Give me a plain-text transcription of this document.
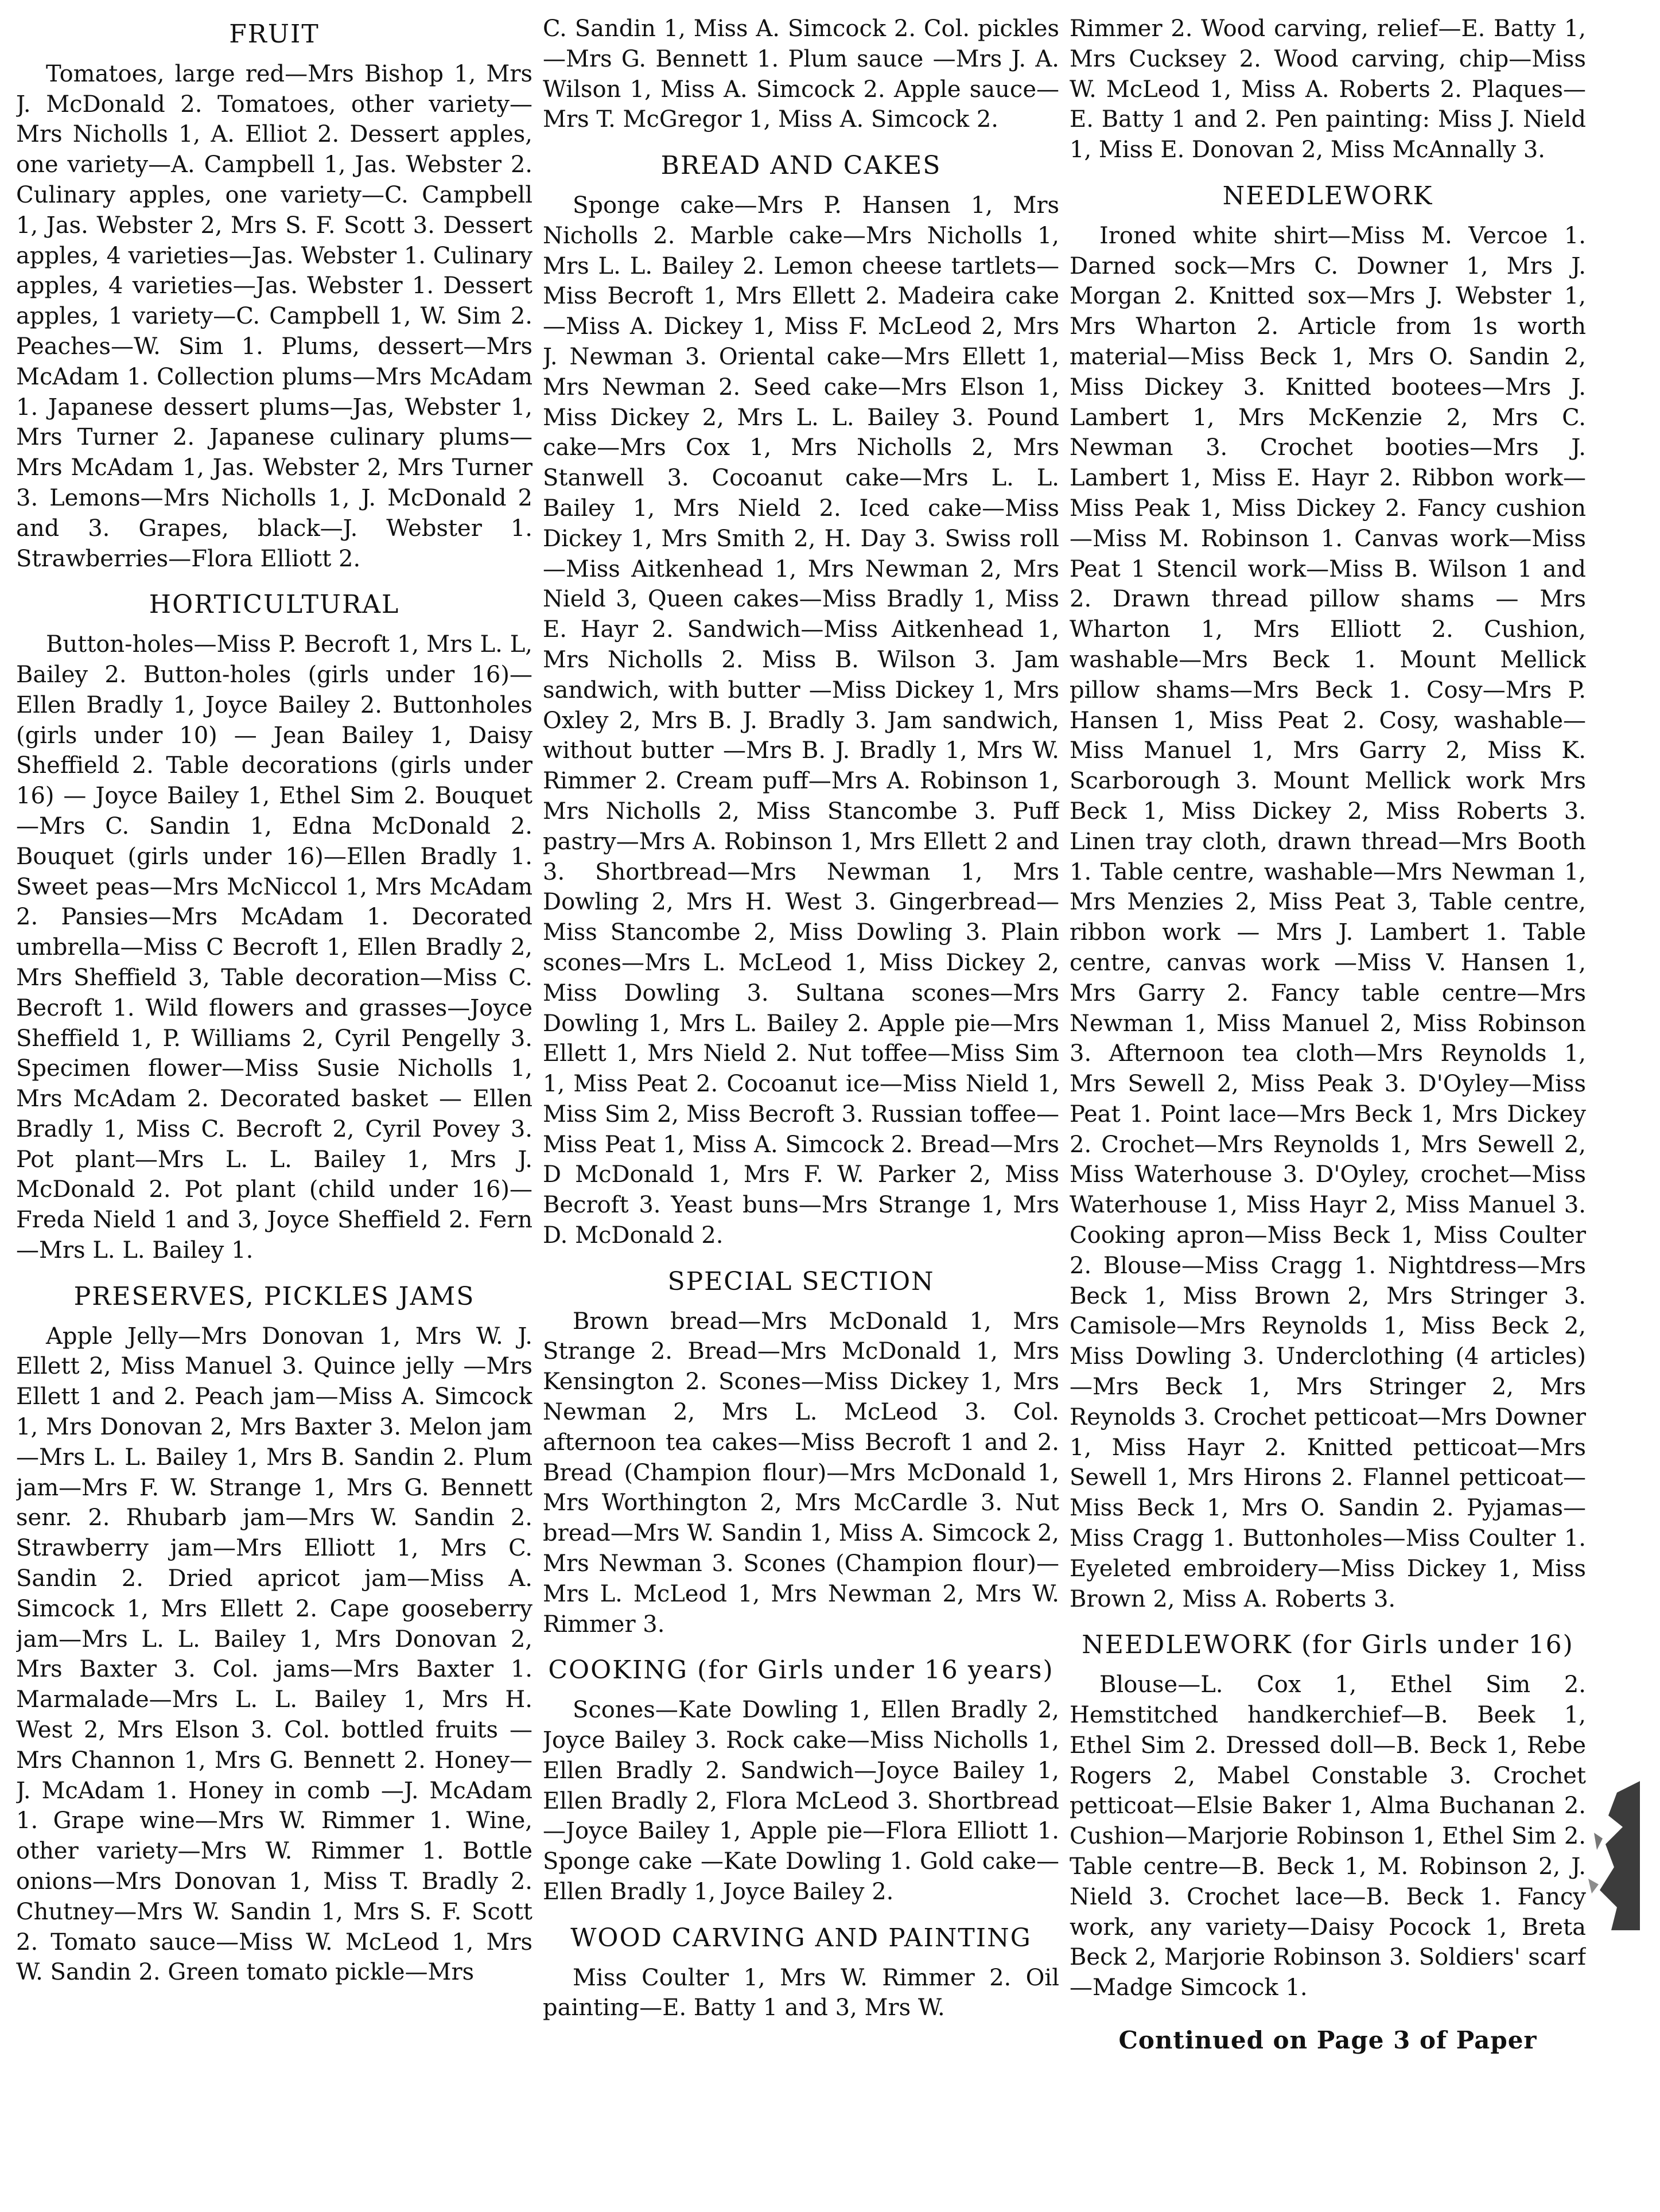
FRUIT

Tomatoes, large red—Mrs Bishop 1, Mrs J. McDonald 2. Tomatoes, other variety—Mrs Nicholls 1, A. Elliot 2. Dessert apples, one variety—A. Campbell 1, Jas. Webster 2. Culinary apples, one variety—C. Campbell 1, Jas. Webster 2, Mrs S. F. Scott 3. Dessert apples, 4 varieties—Jas. Webster 1. Culinary apples, 4 varieties—Jas. Webster 1. Dessert apples, 1 variety—C. Campbell 1, W. Sim 2. Peaches—W. Sim 1. Plums, dessert—Mrs McAdam 1. Collection plums—Mrs McAdam 1. Japanese dessert plums—Jas, Webster 1, Mrs Turner 2. Japanese culinary plums—Mrs McAdam 1, Jas. Webster 2, Mrs Turner 3. Lemons—Mrs Nicholls 1, J. McDonald 2 and 3. Grapes, black—J. Webster 1. Strawberries—Flora Elliott 2.

HORTICULTURAL

Button-holes—Miss P. Becroft 1, Mrs L. L, Bailey 2. Button-holes (girls under 16)—Ellen Bradly 1, Joyce Bailey 2. Buttonholes (girls under 10) — Jean Bailey 1, Daisy Sheffield 2. Table decorations (girls under 16) — Joyce Bailey 1, Ethel Sim 2. Bouquet—Mrs C. Sandin 1, Edna McDonald 2. Bouquet (girls under 16)—Ellen Bradly 1. Sweet peas—Mrs McNiccol 1, Mrs McAdam 2. Pansies—Mrs McAdam 1. Decorated umbrella—Miss C Becroft 1, Ellen Bradly 2, Mrs Sheffield 3, Table decoration—Miss C. Becroft 1. Wild flowers and grasses—Joyce Sheffield 1, P. Williams 2, Cyril Pengelly 3. Specimen flower—Miss Susie Nicholls 1, Mrs McAdam 2. Decorated basket — Ellen Bradly 1, Miss C. Becroft 2, Cyril Povey 3. Pot plant—Mrs L. L. Bailey 1, Mrs J. McDonald 2. Pot plant (child under 16)—Freda Nield 1 and 3, Joyce Sheffield 2. Fern—Mrs L. L. Bailey 1.

PRESERVES, PICKLES JAMS

Apple Jelly—Mrs Donovan 1, Mrs W. J. Ellett 2, Miss Manuel 3. Quince jelly —Mrs Ellett 1 and 2. Peach jam—Miss A. Simcock 1, Mrs Donovan 2, Mrs Baxter 3. Melon jam—Mrs L. L. Bailey 1, Mrs B. Sandin 2. Plum jam—Mrs F. W. Strange 1, Mrs G. Bennett senr. 2. Rhubarb jam—Mrs W. Sandin 2. Strawberry jam—Mrs Elliott 1, Mrs C. Sandin 2. Dried apricot jam—Miss A. Simcock 1, Mrs Ellett 2. Cape gooseberry jam—Mrs L. L. Bailey 1, Mrs Donovan 2, Mrs Baxter 3. Col. jams—Mrs Baxter 1. Marmalade—Mrs L. L. Bailey 1, Mrs H. West 2, Mrs Elson 3. Col. bottled fruits —Mrs Channon 1, Mrs G. Bennett 2. Honey—J. McAdam 1. Honey in comb —J. McAdam 1. Grape wine—Mrs W. Rimmer 1. Wine, other variety—Mrs W. Rimmer 1. Bottle onions—Mrs Donovan 1, Miss T. Bradly 2. Chutney—Mrs W. Sandin 1, Mrs S. F. Scott 2. Tomato sauce—Miss W. McLeod 1, Mrs W. Sandin 2. Green tomato pickle—Mrs

C. Sandin 1, Miss A. Simcock 2. Col. pickles—Mrs G. Bennett 1. Plum sauce —Mrs J. A. Wilson 1, Miss A. Simcock 2. Apple sauce—Mrs T. McGregor 1, Miss A. Simcock 2.

BREAD AND CAKES

Sponge cake—Mrs P. Hansen 1, Mrs Nicholls 2. Marble cake—Mrs Nicholls 1, Mrs L. L. Bailey 2. Lemon cheese tartlets—Miss Becroft 1, Mrs Ellett 2. Madeira cake—Miss A. Dickey 1, Miss F. McLeod 2, Mrs J. Newman 3. Oriental cake—Mrs Ellett 1, Mrs Newman 2. Seed cake—Mrs Elson 1, Miss Dickey 2, Mrs L. L. Bailey 3. Pound cake—Mrs Cox 1, Mrs Nicholls 2, Mrs Stanwell 3. Cocoanut cake—Mrs L. L. Bailey 1, Mrs Nield 2. Iced cake—Miss Dickey 1, Mrs Smith 2, H. Day 3. Swiss roll—Miss Aitkenhead 1, Mrs Newman 2, Mrs Nield 3, Queen cakes—Miss Bradly 1, Miss E. Hayr 2. Sandwich—Miss Aitkenhead 1, Mrs Nicholls 2. Miss B. Wilson 3. Jam sandwich, with butter —Miss Dickey 1, Mrs Oxley 2, Mrs B. J. Bradly 3. Jam sandwich, without butter —Mrs B. J. Bradly 1, Mrs W. Rimmer 2. Cream puff—Mrs A. Robinson 1, Mrs Nicholls 2, Miss Stancombe 3. Puff pastry—Mrs A. Robinson 1, Mrs Ellett 2 and 3. Shortbread—Mrs Newman 1, Mrs Dowling 2, Mrs H. West 3. Gingerbread—Miss Stancombe 2, Miss Dowling 3. Plain scones—Mrs L. McLeod 1, Miss Dickey 2, Miss Dowling 3. Sultana scones—Mrs Dowling 1, Mrs L. Bailey 2. Apple pie—Mrs Ellett 1, Mrs Nield 2. Nut toffee—Miss Sim 1, Miss Peat 2. Cocoanut ice—Miss Nield 1, Miss Sim 2, Miss Becroft 3. Russian toffee—Miss Peat 1, Miss A. Simcock 2. Bread—Mrs D McDonald 1, Mrs F. W. Parker 2, Miss Becroft 3. Yeast buns—Mrs Strange 1, Mrs D. McDonald 2.

SPECIAL SECTION

Brown bread—Mrs McDonald 1, Mrs Strange 2. Bread—Mrs McDonald 1, Mrs Kensington 2. Scones—Miss Dickey 1, Mrs Newman 2, Mrs L. McLeod 3. Col. afternoon tea cakes—Miss Becroft 1 and 2. Bread (Champion flour)—Mrs McDonald 1, Mrs Worthington 2, Mrs McCardle 3. Nut bread—Mrs W. Sandin 1, Miss A. Simcock 2, Mrs Newman 3. Scones (Champion flour)—Mrs L. McLeod 1, Mrs Newman 2, Mrs W. Rimmer 3.

COOKING (for Girls under 16 years)

Scones—Kate Dowling 1, Ellen Bradly 2, Joyce Bailey 3. Rock cake—Miss Nicholls 1, Ellen Bradly 2. Sandwich—Joyce Bailey 1, Ellen Bradly 2, Flora McLeod 3. Shortbread—Joyce Bailey 1, Apple pie—Flora Elliott 1. Sponge cake —Kate Dowling 1. Gold cake—Ellen Bradly 1, Joyce Bailey 2.

WOOD CARVING AND PAINTING

Miss Coulter 1, Mrs W. Rimmer 2. Oil painting—E. Batty 1 and 3, Mrs W.

Rimmer 2. Wood carving, relief—E. Batty 1, Mrs Cucksey 2. Wood carving, chip—Miss W. McLeod 1, Miss A. Roberts 2. Plaques—E. Batty 1 and 2. Pen painting: Miss J. Nield 1, Miss E. Donovan 2, Miss McAnnally 3.

NEEDLEWORK

Ironed white shirt—Miss M. Vercoe 1. Darned sock—Mrs C. Downer 1, Mrs J. Morgan 2. Knitted sox—Mrs J. Webster 1, Mrs Wharton 2. Article from 1s worth material—Miss Beck 1, Mrs O. Sandin 2, Miss Dickey 3. Knitted bootees—Mrs J. Lambert 1, Mrs McKenzie 2, Mrs C. Newman 3. Crochet booties—Mrs J. Lambert 1, Miss E. Hayr 2. Ribbon work—Miss Peak 1, Miss Dickey 2. Fancy cushion—Miss M. Robinson 1. Canvas work—Miss Peat 1 Stencil work—Miss B. Wilson 1 and 2. Drawn thread pillow shams — Mrs Wharton 1, Mrs Elliott 2. Cushion, washable—Mrs Beck 1. Mount Mellick pillow shams—Mrs Beck 1. Cosy—Mrs P. Hansen 1, Miss Peat 2. Cosy, washable—Miss Manuel 1, Mrs Garry 2, Miss K. Scarborough 3. Mount Mellick work Mrs Beck 1, Miss Dickey 2, Miss Roberts 3. Linen tray cloth, drawn thread—Mrs Booth 1. Table centre, washable—Mrs Newman 1, Mrs Menzies 2, Miss Peat 3, Table centre, ribbon work — Mrs J. Lambert 1. Table centre, canvas work —Miss V. Hansen 1, Mrs Garry 2. Fancy table centre—Mrs Newman 1, Miss Manuel 2, Miss Robinson 3. Afternoon tea cloth—Mrs Reynolds 1, Mrs Sewell 2, Miss Peak 3. D'Oyley—Miss Peat 1. Point lace—Mrs Beck 1, Mrs Dickey 2. Crochet—Mrs Reynolds 1, Mrs Sewell 2, Miss Waterhouse 3. D'Oyley, crochet—Miss Waterhouse 1, Miss Hayr 2, Miss Manuel 3. Cooking apron—Miss Beck 1, Miss Coulter 2. Blouse—Miss Cragg 1. Nightdress—Mrs Beck 1, Miss Brown 2, Mrs Stringer 3. Camisole—Mrs Reynolds 1, Miss Beck 2, Miss Dowling 3. Underclothing (4 articles)—Mrs Beck 1, Mrs Stringer 2, Mrs Reynolds 3. Crochet petticoat—Mrs Downer 1, Miss Hayr 2. Knitted petticoat—Mrs Sewell 1, Mrs Hirons 2. Flannel petticoat—Miss Beck 1, Mrs O. Sandin 2. Pyjamas—Miss Cragg 1. Buttonholes—Miss Coulter 1. Eyeleted embroidery—Miss Dickey 1, Miss Brown 2, Miss A. Roberts 3.

NEEDLEWORK (for Girls under 16)

Blouse—L. Cox 1, Ethel Sim 2. Hemstitched handkerchief—B. Beek 1, Ethel Sim 2. Dressed doll—B. Beck 1, Rebe Rogers 2, Mabel Constable 3. Crochet petticoat—Elsie Baker 1, Alma Buchanan 2. Cushion—Marjorie Robinson 1, Ethel Sim 2. Table centre—B. Beck 1, M. Robinson 2, J. Nield 3. Crochet lace—B. Beck 1. Fancy work, any variety—Daisy Pocock 1, Breta Beck 2, Marjorie Robinson 3. Soldiers' scarf—Madge Simcock 1.

Continued on Page 3 of Paper
